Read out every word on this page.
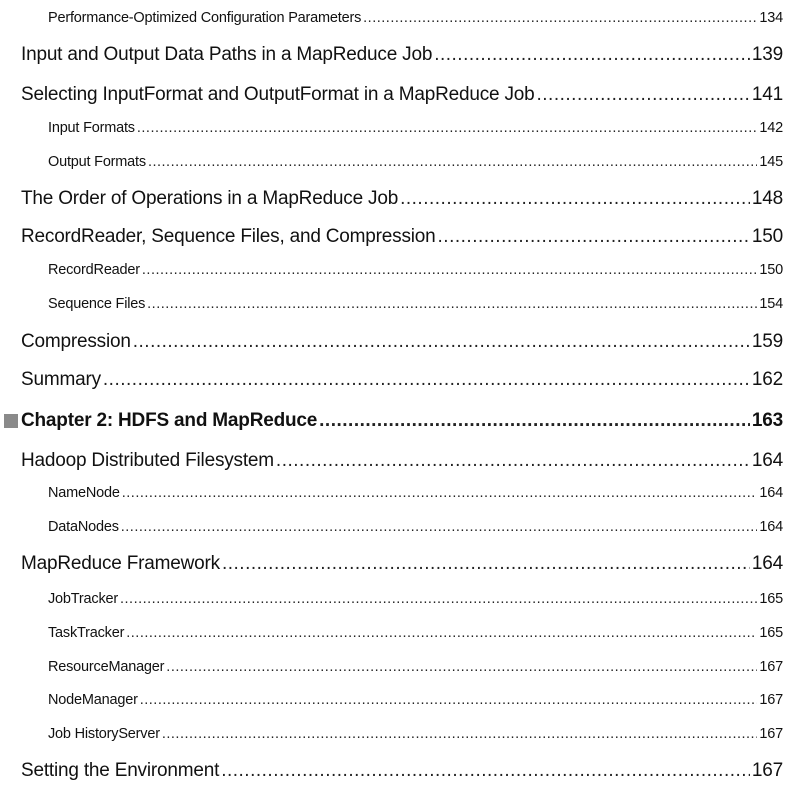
Performance-Optimized Configuration Parameters .....	134
Input and Output Data Paths in a MapReduce Job .....	139
Selecting InputFormat and OutputFormat in a MapReduce Job .....	141
Input Formats .....	142
Output Formats .....	145
The Order of Operations in a MapReduce Job .....	148
RecordReader, Sequence Files, and Compression .....	150
RecordReader .....	150
Sequence Files .....	154
Compression .....	159
Summary .....	162
Chapter 2: HDFS and MapReduce .....	163
Hadoop Distributed Filesystem .....	164
NameNode .....	164
DataNodes .....	164
MapReduce Framework .....	164
JobTracker .....	165
TaskTracker .....	165
ResourceManager .....	167
NodeManager .....	167
Job HistoryServer .....	167
Setting the Environment .....	167
